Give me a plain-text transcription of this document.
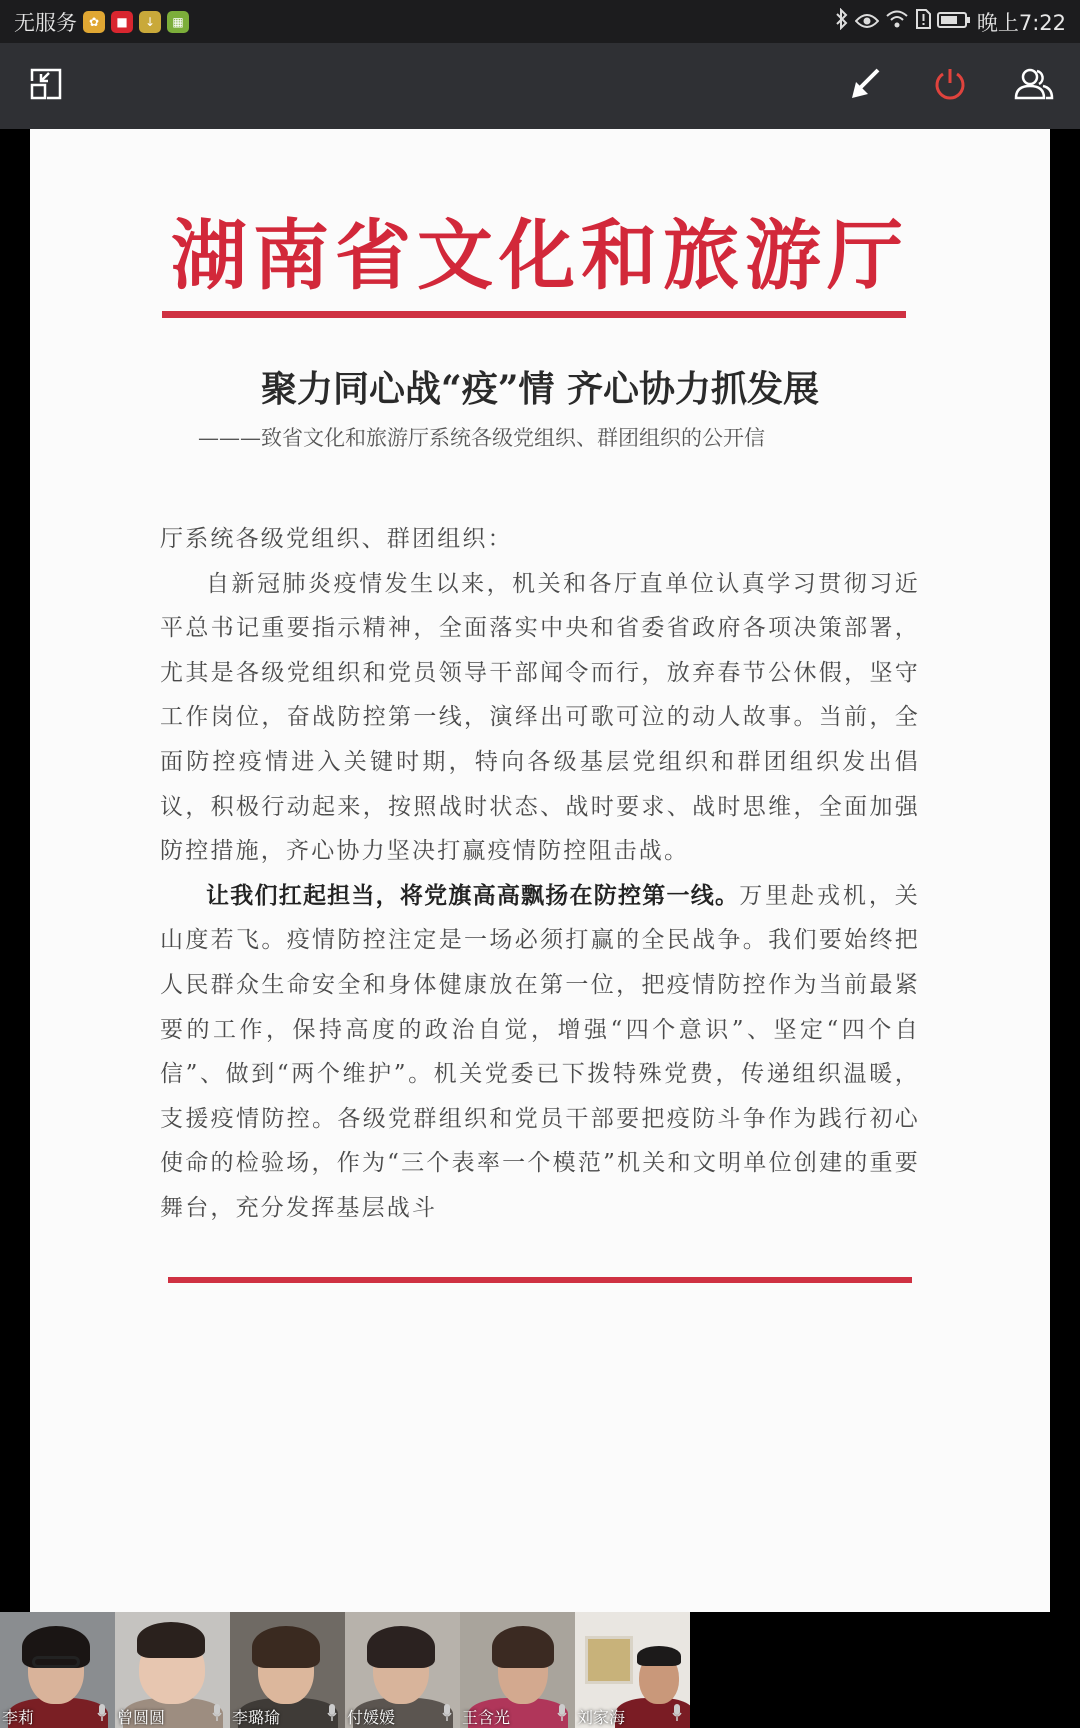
无服务 ✿	■	↓	▦	晚上7:22
湖南省文化和旅游厅
聚力同心战“疫”情 齐心协力抓发展
———致省文化和旅游厅系统各级党组织、群团组织的公开信

厅系统各级党组织、群团组织：

自新冠肺炎疫情发生以来，机关和各厅直单位认真学习贯彻习近平总书记重要指示精神，全面落实中央和省委省政府各项决策部署，尤其是各级党组织和党员领导干部闻令而行，放弃春节公休假，坚守工作岗位，奋战防控第一线，演绎出可歌可泣的动人故事。当前，全面防控疫情进入关键时期，特向各级基层党组织和群团组织发出倡议，积极行动起来，按照战时状态、战时要求、战时思维，全面加强防控措施，齐心协力坚决打赢疫情防控阻击战。

让我们扛起担当，将党旗高高飘扬在防控第一线。万里赴戎机，关山度若飞。疫情防控注定是一场必须打赢的全民战争。我们要始终把人民群众生命安全和身体健康放在第一位，把疫情防控作为当前最紧要的工作，保持高度的政治自觉，增强“四个意识”、坚定“四个自信”、做到“两个维护”。机关党委已下拨特殊党费，传递组织温暖，支援疫情防控。各级党群组织和党员干部要把疫防斗争作为践行初心使命的检验场，作为“三个表率一个模范”机关和文明单位创建的重要舞台，充分发挥基层战斗

李莉	曾圆圆	李璐瑜	付媛媛	王含光	刘家海
